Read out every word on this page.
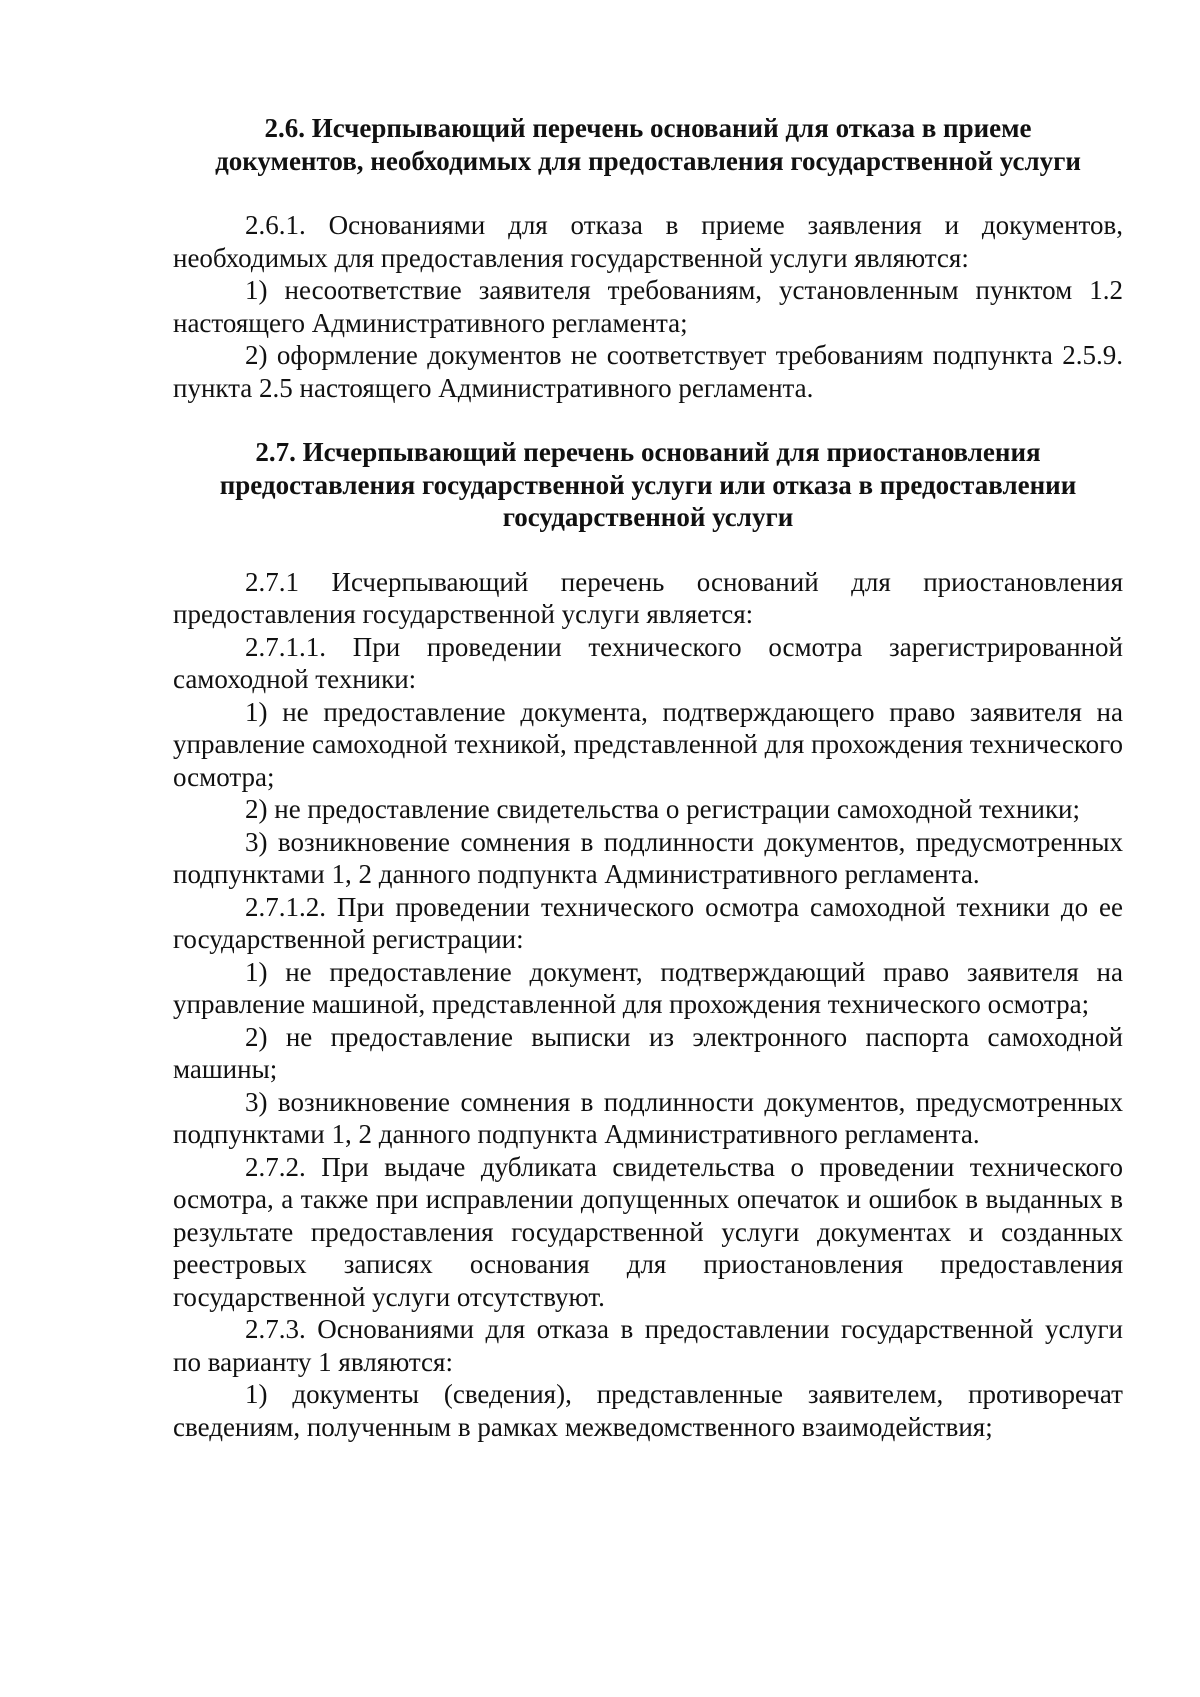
2.6. Исчерпывающий перечень оснований для отказа в приеме
документов, необходимых для предоставления государственной услуги

2.6.1. Основаниями для отказа в приеме заявления и документов, необходимых для предоставления государственной услуги являются:

1) несоответствие заявителя требованиям, установленным пунктом 1.2 настоящего Административного регламента;

2) оформление документов не соответствует требованиям подпункта 2.5.9. пункта 2.5 настоящего Административного регламента.

2.7. Исчерпывающий перечень оснований для приостановления
предоставления государственной услуги или отказа в предоставлении
государственной услуги

2.7.1 Исчерпывающий перечень оснований для приостановления предоставления государственной услуги является:

2.7.1.1. При проведении технического осмотра зарегистрированной самоходной техники:

1) не предоставление документа, подтверждающего право заявителя на управление самоходной техникой, представленной для прохождения технического осмотра;

2) не предоставление свидетельства о регистрации самоходной техники;

3) возникновение сомнения в подлинности документов, предусмотренных подпунктами 1, 2 данного подпункта Административного регламента.

2.7.1.2. При проведении технического осмотра самоходной техники до ее государственной регистрации:

1) не предоставление документ, подтверждающий право заявителя на управление машиной, представленной для прохождения технического осмотра;

2) не предоставление выписки из электронного паспорта самоходной машины;

3) возникновение сомнения в подлинности документов, предусмотренных подпунктами 1, 2 данного подпункта Административного регламента.

2.7.2. При выдаче дубликата свидетельства о проведении технического осмотра, а также при исправлении допущенных опечаток и ошибок в выданных в результате предоставления государственной услуги документах и созданных реестровых записях основания для приостановления предоставления государственной услуги отсутствуют.

2.7.3. Основаниями для отказа в предоставлении государственной услуги по варианту 1 являются:

1) документы (сведения), представленные заявителем, противоречат сведениям, полученным в рамках межведомственного взаимодействия;
